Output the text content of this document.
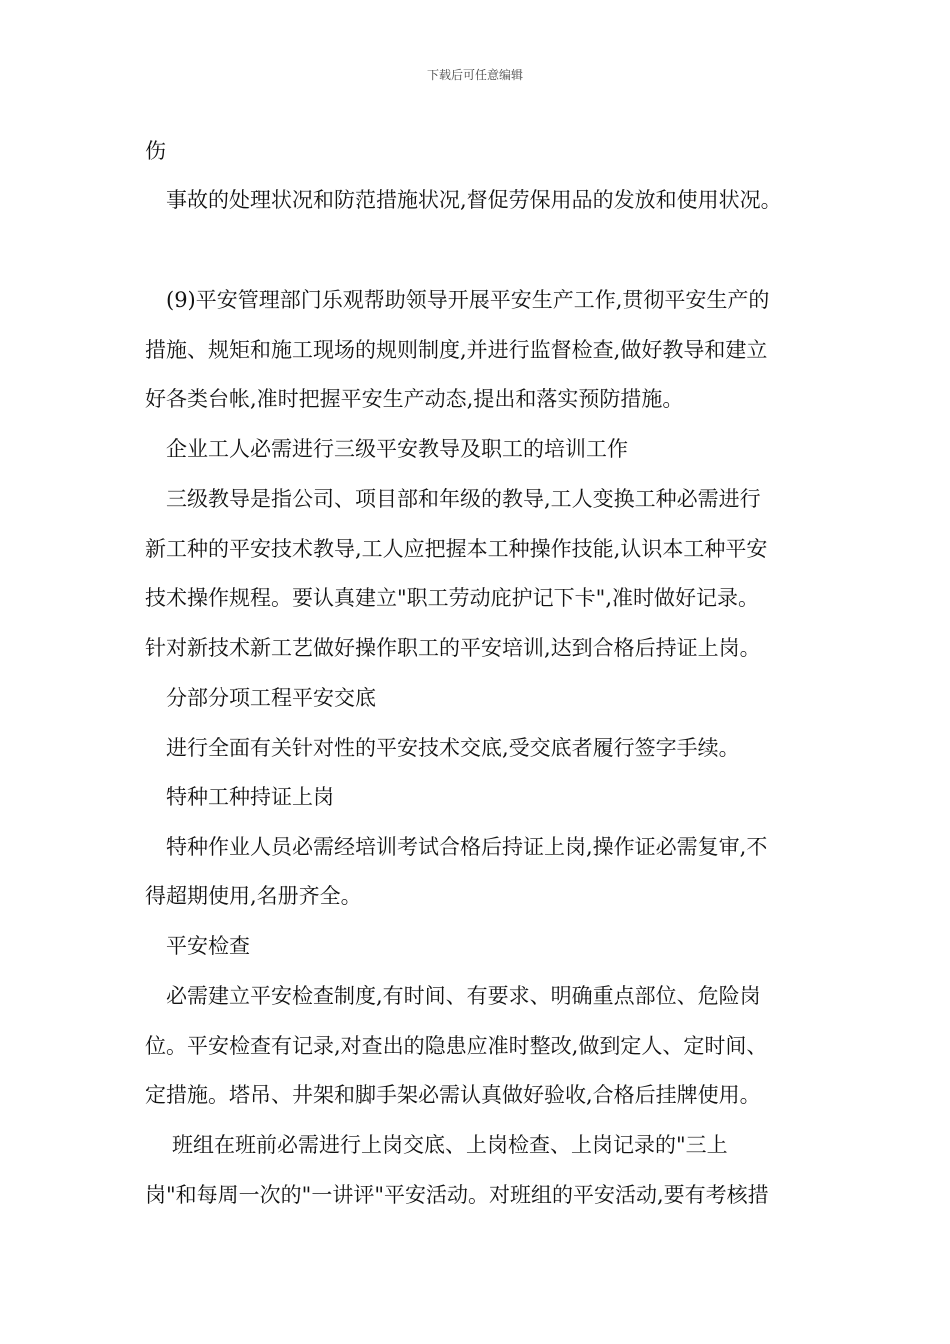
下载后可任意编辑
伤
事故的处理状况和防范措施状况,督促劳保用品的发放和使用状况。
(9)平安管理部门乐观帮助领导开展平安生产工作,贯彻平安生产的
措施、规矩和施工现场的规则制度,并进行监督检查,做好教导和建立
好各类台帐,准时把握平安生产动态,提出和落实预防措施。
企业工人必需进行三级平安教导及职工的培训工作
三级教导是指公司、项目部和年级的教导,工人变换工种必需进行
新工种的平安技术教导,工人应把握本工种操作技能,认识本工种平安
技术操作规程。要认真建立"职工劳动庇护记下卡",准时做好记录。
针对新技术新工艺做好操作职工的平安培训,达到合格后持证上岗。
分部分项工程平安交底
进行全面有关针对性的平安技术交底,受交底者履行签字手续。
特种工种持证上岗
特种作业人员必需经培训考试合格后持证上岗,操作证必需复审,不
得超期使用,名册齐全。
平安检查
必需建立平安检查制度,有时间、有要求、明确重点部位、危险岗
位。平安检查有记录,对查出的隐患应准时整改,做到定人、定时间、
定措施。塔吊、井架和脚手架必需认真做好验收,合格后挂牌使用。
班组在班前必需进行上岗交底、上岗检查、上岗记录的"三上
岗"和每周一次的"一讲评"平安活动。对班组的平安活动,要有考核措
